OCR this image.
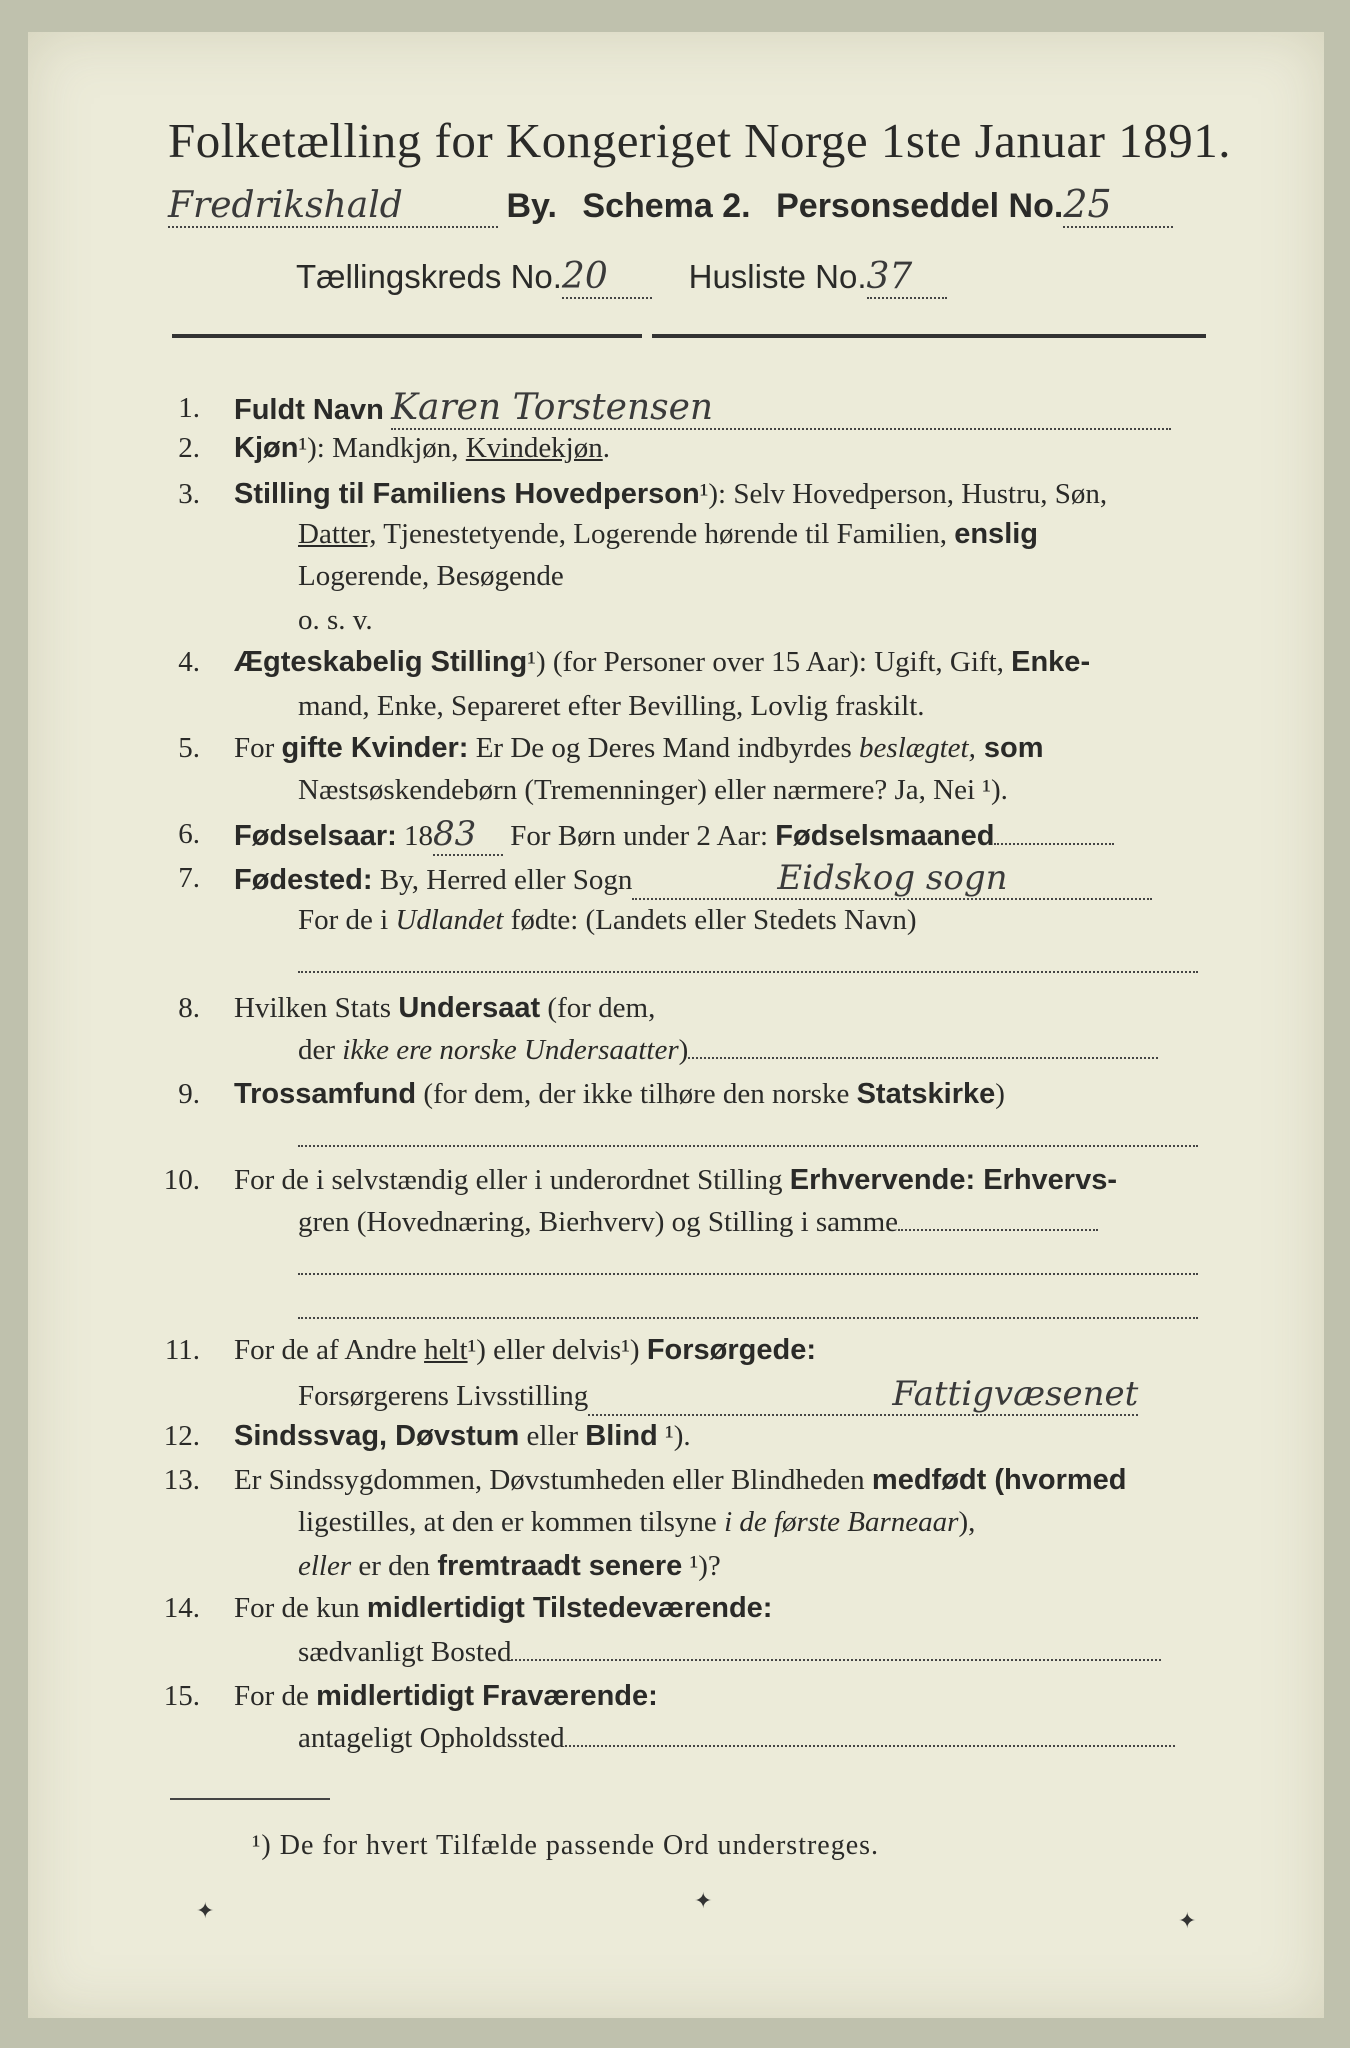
Folketælling for Kongeriget Norge 1ste Januar 1891.
Fredrikshald	By. Schema 2. Personseddel No.25
Tællingskreds No.20 Husliste No.37
1. Fuldt Navn Karen Torstensen
2. Kjøn¹): Mandkjøn, Kvindekjøn.
3. Stilling til Familiens Hovedperson¹): Selv Hovedperson, Hustru, Søn,
Datter, Tjenestetyende, Logerende hørende til Familien, enslig
Logerende, Besøgende
o. s. v.
4. Ægteskabelig Stilling¹) (for Personer over 15 Aar): Ugift, Gift, Enke-
mand, Enke, Separeret efter Bevilling, Lovlig fraskilt.
5. For gifte Kvinder: Er De og Deres Mand indbyrdes beslægtet, som
Næstsøskendebørn (Tremenninger) eller nærmere? Ja, Nei ¹).
6. Fødselsaar: 1883 For Børn under 2 Aar: Fødselsmaaned
7. Fødested: By, Herred eller Sogn	Eidskog sogn
For de i Udlandet fødte: (Landets eller Stedets Navn)
8. Hvilken Stats Undersaat (for dem,
der ikke ere norske Undersaatter)
9. Trossamfund (for dem, der ikke tilhøre den norske Statskirke)
10. For de i selvstændig eller i underordnet Stilling Erhvervende: Erhvervs-
gren (Hovednæring, Bierhverv) og Stilling i samme
11. For de af Andre helt¹) eller delvis¹) Forsørgede:
Forsørgerens Livsstilling	Fattigvæsenet
12. Sindssvag, Døvstum eller Blind ¹).
13. Er Sindssygdommen, Døvstumheden eller Blindheden medfødt (hvormed
ligestilles, at den er kommen tilsyne i de første Barneaar),
eller er den fremtraadt senere ¹)?
14. For de kun midlertidigt Tilstedeværende:
sædvanligt Bosted
15. For de midlertidigt Fraværende:
antageligt Opholdssted
¹) De for hvert Tilfælde passende Ord understreges.
✦	✦
✦
